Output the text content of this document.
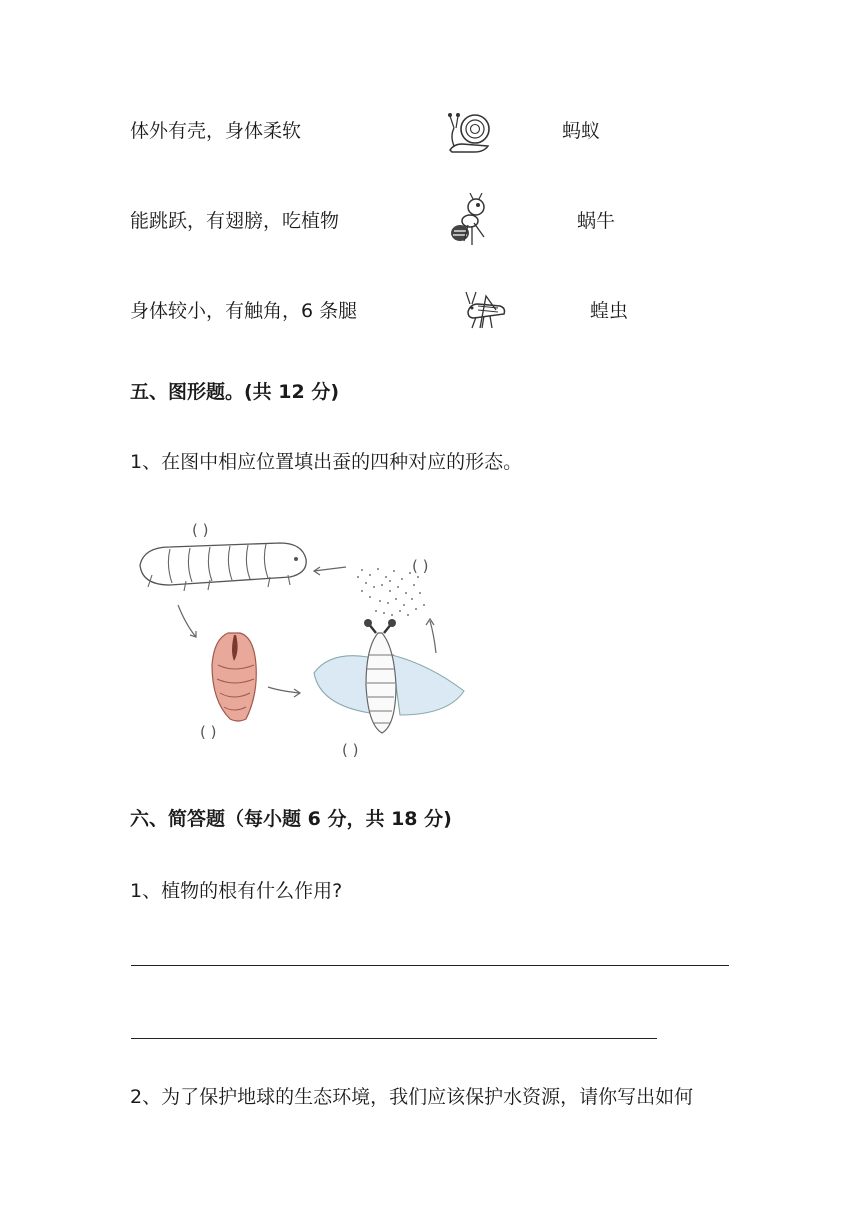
体外有壳，身体柔软	蚂蚁
能跳跃，有翅膀，吃植物	蜗牛
身体较小，有触角，6 条腿	蝗虫
五、图形题。(共 12 分)
1、在图中相应位置填出蚕的四种对应的形态。
( )
( )
( )
( )
六、简答题（每小题 6 分，共 18 分)
1、植物的根有什么作用?
2、为了保护地球的生态环境，我们应该保护水资源，请你写出如何
